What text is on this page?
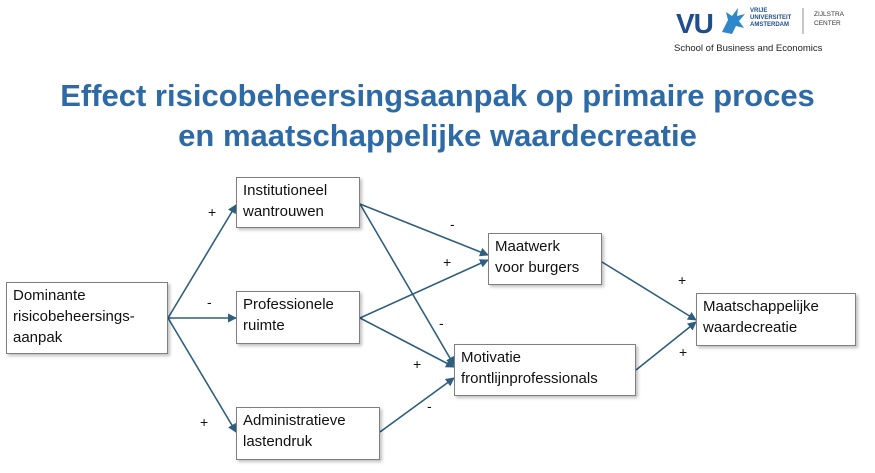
VU	VRIJE
UNIVERSITEIT
AMSTERDAM
ZIJLSTRA
CENTER
School of Business and Economics
Effect risicobeheersingsaanpak op primaire proces
en maatschappelijke waardecreatie
+
-
+
-
+
-
+
-
+
+
Dominante
risicobeheersings-
aanpak
Institutioneel
wantrouwen
Professionele
ruimte
Administratieve
lastendruk
Maatwerk
voor burgers
Motivatie
frontlijnprofessionals
Maatschappelijke
waardecreatie
